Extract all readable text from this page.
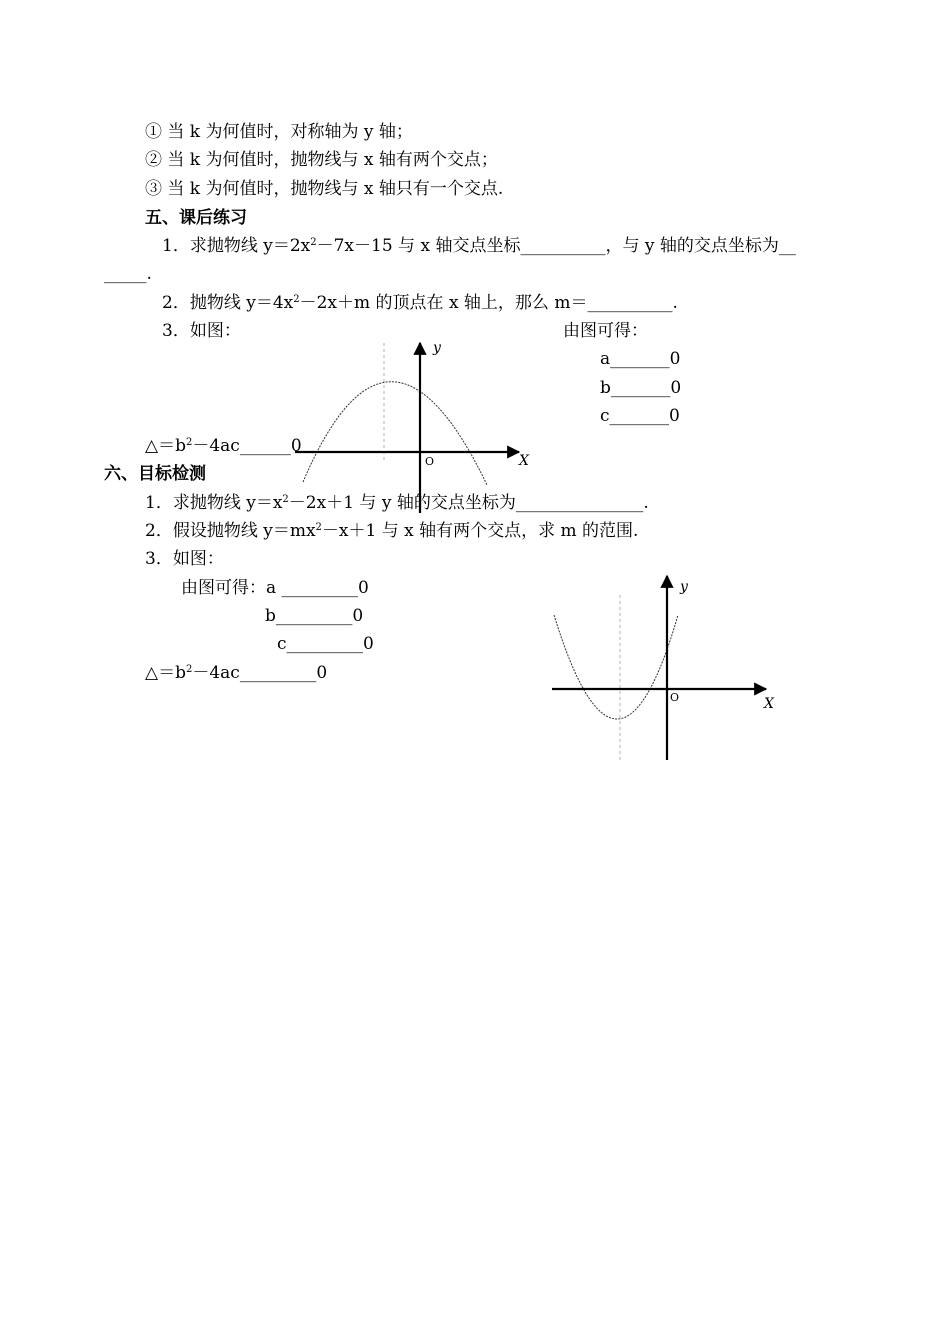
① 当 k 为何值时，对称轴为 y 轴；
② 当 k 为何值时，抛物线与 x 轴有两个交点；
③ 当 k 为何值时，抛物线与 x 轴只有一个交点.
五、课后练习
1．求抛物线 $y=2x^2-7x-15$ 与 x 轴交点坐标__________，与 y 轴的交点坐标为__
_____.
2．抛物线 $y=4x^2-2x+m$ 的顶点在 x 轴上，那么 m＝__________.
3．如图：	由图可得：
a_______0
b_______0
c_______0
$\triangle=b^2-4ac\_\_\_\_\_\_0$
y
X
O
六、目标检测
1．求抛物线 $y=x^2-2x+1$ 与 y 轴的交点坐标为_______________.
2．假设抛物线 $y=mx^2-x+1$ 与 x 轴有两个交点，求 m 的范围.
3．如图：
由图可得：a _________0
b_________0
c_________0
$\triangle=b^2-4ac\_\_\_\_\_\_\_\_\_0$
y
X
O
